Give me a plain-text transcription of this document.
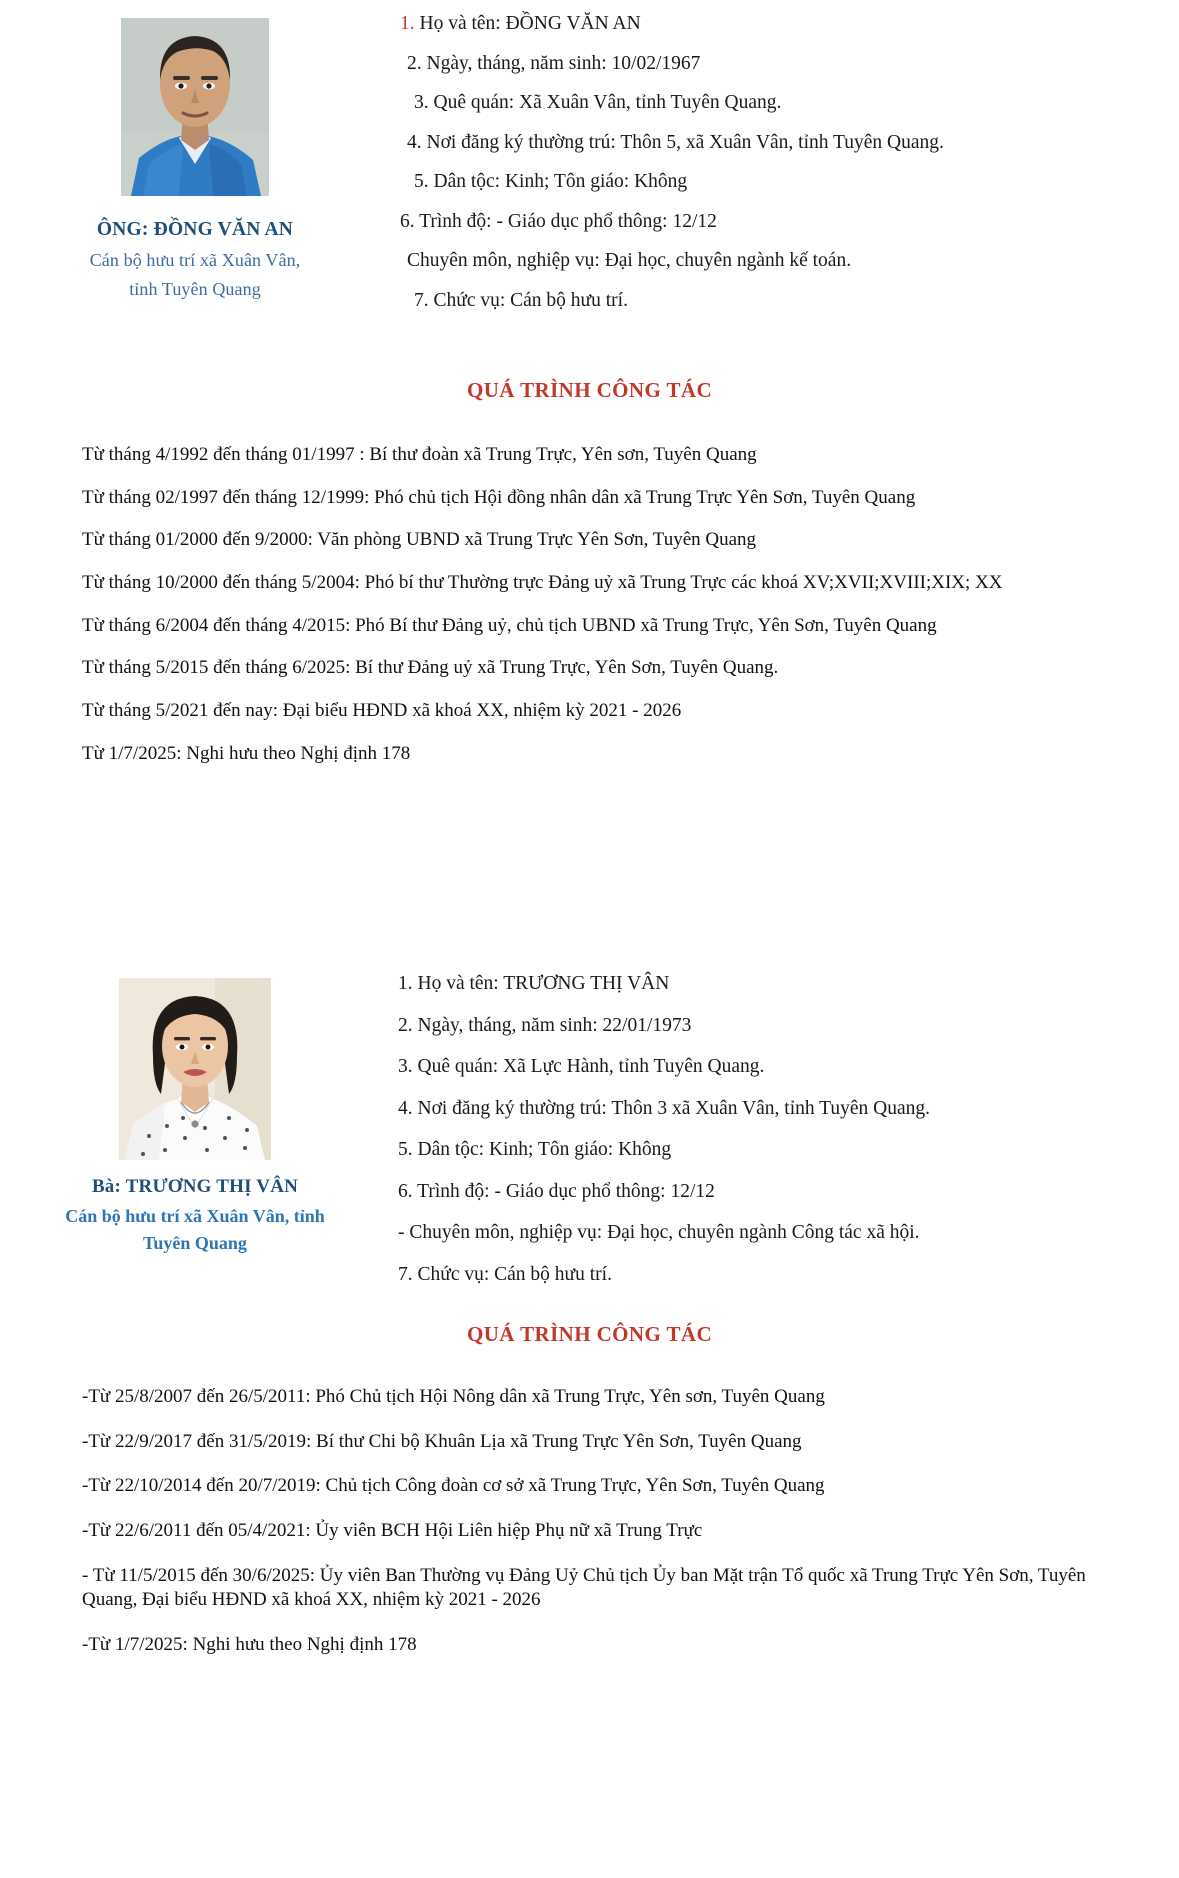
ÔNG: ĐỒNG VĂN AN
Cán bộ hưu trí xã Xuân Vân,
tỉnh Tuyên Quang
1. Họ và tên: ĐỒNG VĂN AN
2. Ngày, tháng, năm sinh: 10/02/1967
3. Quê quán: Xã Xuân Vân, tỉnh Tuyên Quang.
4. Nơi đăng ký thường trú: Thôn 5, xã Xuân Vân, tỉnh Tuyên Quang.
5. Dân tộc: Kinh; Tôn giáo: Không
6. Trình độ: - Giáo dục phổ thông: 12/12
Chuyên môn, nghiệp vụ: Đại học, chuyên ngành kế toán.
7. Chức vụ: Cán bộ hưu trí.
QUÁ TRÌNH CÔNG TÁC
Từ tháng 4/1992 đến tháng 01/1997 : Bí thư đoàn xã Trung Trực, Yên sơn, Tuyên Quang
Từ tháng 02/1997 đến tháng 12/1999: Phó chủ tịch Hội đồng nhân dân xã Trung Trực Yên Sơn, Tuyên Quang
Từ tháng 01/2000 đến 9/2000: Văn phòng UBND xã Trung Trực Yên Sơn, Tuyên Quang
Từ tháng 10/2000 đến tháng 5/2004: Phó bí thư Thường trực Đảng uỷ xã Trung Trực các khoá XV;XVII;XVIII;XIX; XX
Từ tháng 6/2004 đến tháng 4/2015: Phó Bí thư Đảng uỷ, chủ tịch UBND xã Trung Trực, Yên Sơn, Tuyên Quang
Từ tháng 5/2015 đến tháng 6/2025: Bí thư Đảng uỷ xã Trung Trực, Yên Sơn, Tuyên Quang.
Từ tháng 5/2021 đến nay: Đại biểu HĐND xã khoá XX, nhiệm kỳ 2021 - 2026
Từ 1/7/2025: Nghi hưu theo Nghị định 178
Bà: TRƯƠNG THỊ VÂN
Cán bộ hưu trí xã Xuân Vân, tỉnh
Tuyên Quang
1. Họ và tên: TRƯƠNG THỊ VÂN
2. Ngày, tháng, năm sinh: 22/01/1973
3. Quê quán: Xã Lực Hành, tỉnh Tuyên Quang.
4. Nơi đăng ký thường trú: Thôn 3 xã Xuân Vân, tỉnh Tuyên Quang.
5. Dân tộc: Kinh; Tôn giáo: Không
6. Trình độ: - Giáo dục phổ thông: 12/12
- Chuyên môn, nghiệp vụ: Đại học, chuyên ngành Công tác xã hội.
7. Chức vụ: Cán bộ hưu trí.
QUÁ TRÌNH CÔNG TÁC
-Từ 25/8/2007 đến 26/5/2011: Phó Chủ tịch Hội Nông dân xã Trung Trực, Yên sơn, Tuyên Quang
-Từ 22/9/2017 đến 31/5/2019: Bí thư Chi bộ Khuân Lịa xã Trung Trực Yên Sơn, Tuyên Quang
-Từ 22/10/2014 đến 20/7/2019: Chủ tịch Công đoàn cơ sở xã Trung Trực, Yên Sơn, Tuyên Quang
-Từ 22/6/2011 đến 05/4/2021: Ủy viên BCH Hội Liên hiệp Phụ nữ xã Trung Trực
- Từ 11/5/2015 đến 30/6/2025: Ủy viên Ban Thường vụ Đảng Uỷ Chủ tịch Ủy ban Mặt trận Tổ quốc xã Trung Trực Yên Sơn, Tuyên Quang, Đại biểu HĐND xã khoá XX, nhiệm kỳ 2021 - 2026
-Từ 1/7/2025: Nghi hưu theo Nghị định 178
